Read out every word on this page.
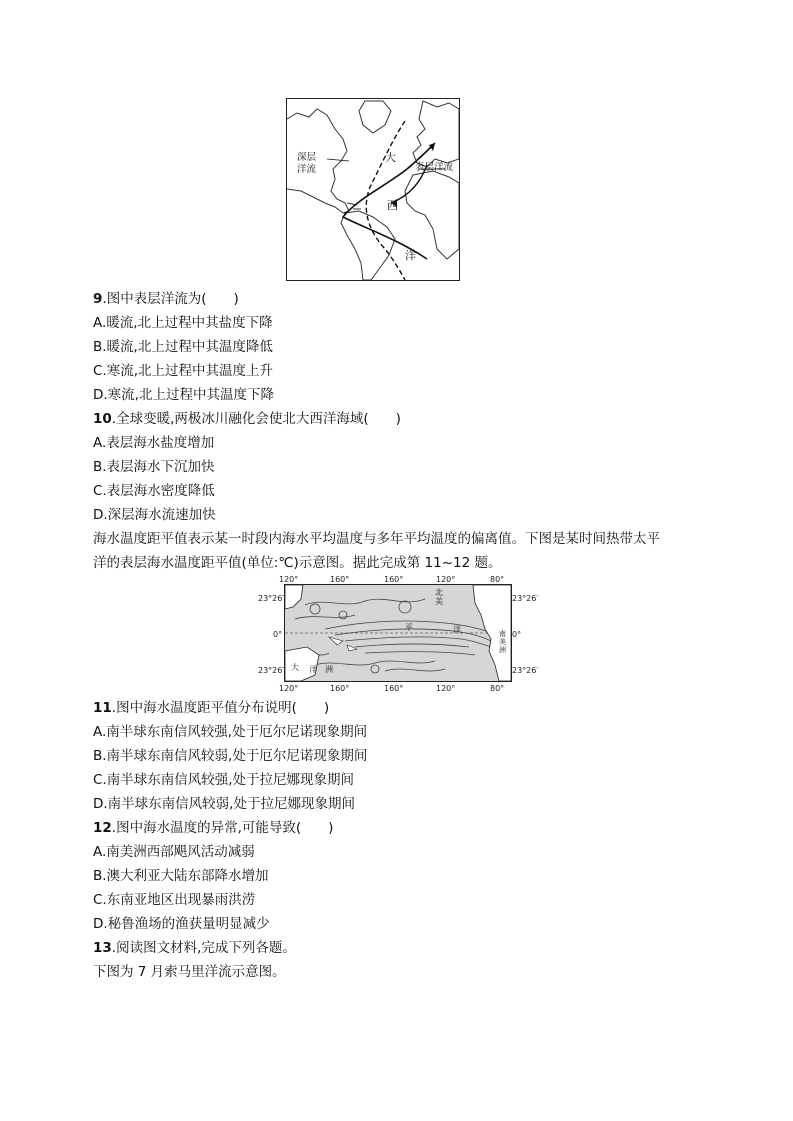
深层
洋流	表层洋流
大
西
洋
9.图中表层洋流为(　　)
A.暖流,北上过程中其盐度下降
B.暖流,北上过程中其温度降低
C.寒流,北上过程中其温度上升
D.寒流,北上过程中其温度下降
10.全球变暖,两极冰川融化会使北大西洋海域(　　)
A.表层海水盐度增加
B.表层海水下沉加快
C.表层海水密度降低
D.深层海水流速加快
海水温度距平值表示某一时段内海水平均温度与多年平均温度的偏离值。下图是某时间热带太平
洋的表层海水温度距平值(单位:℃)示意图。据此完成第 11~12 题。
120°	160°	160°	120°	80°
23°26′
0°
23°26′
23°26′
0°
23°26′
北
美
平	洋	南
美
洲
大 洋 洲
120°	160°	160°	120°	80°
11.图中海水温度距平值分布说明(　　)
A.南半球东南信风较强,处于厄尔尼诺现象期间
B.南半球东南信风较弱,处于厄尔尼诺现象期间
C.南半球东南信风较强,处于拉尼娜现象期间
D.南半球东南信风较弱,处于拉尼娜现象期间
12.图中海水温度的异常,可能导致(　　)
A.南美洲西部飓风活动减弱
B.澳大利亚大陆东部降水增加
C.东南亚地区出现暴雨洪涝
D.秘鲁渔场的渔获量明显减少
13.阅读图文材料,完成下列各题。
下图为 7 月索马里洋流示意图。
